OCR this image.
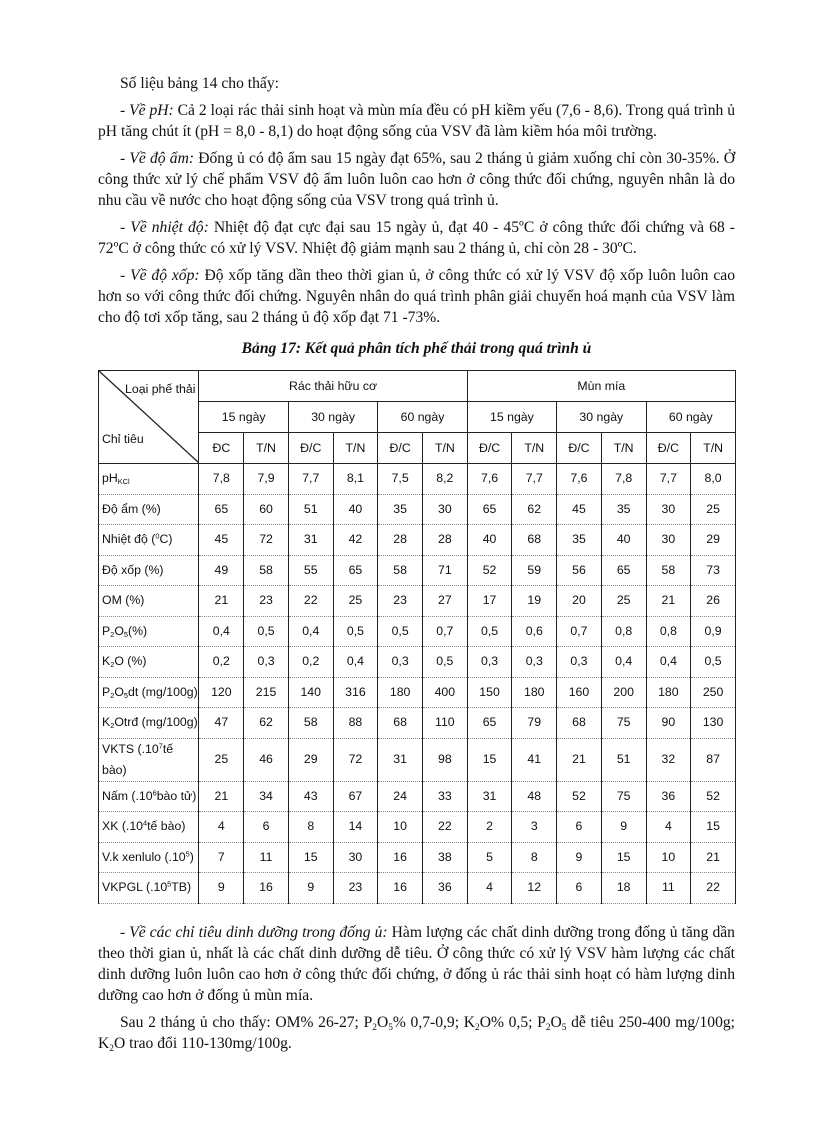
Số liệu bảng 14 cho thấy:

- Về pH: Cả 2 loại rác thải sinh hoạt và mùn mía đều có pH kiềm yếu (7,6 - 8,6). Trong quá trình ủ pH tăng chút ít (pH = 8,0 - 8,1) do hoạt động sống của VSV đã làm kiềm hóa môi trường.

- Về độ ẩm: Đống ủ có độ ẩm sau 15 ngày đạt 65%, sau 2 tháng ủ giảm xuống chỉ còn 30-35%. Ở công thức xử lý chế phẩm VSV độ ẩm luôn luôn cao hơn ở công thức đối chứng, nguyên nhân là do nhu cầu về nước cho hoạt động sống của VSV trong quá trình ủ.

- Về nhiệt độ: Nhiệt độ đạt cực đại sau 15 ngày ủ, đạt 40 - 45ºC ở công thức đối chứng và 68 - 72ºC ở công thức có xử lý VSV. Nhiệt độ giảm mạnh sau 2 tháng ủ, chỉ còn 28 - 30ºC.

- Về độ xốp: Độ xốp tăng dần theo thời gian ủ, ở công thức có xử lý VSV độ xốp luôn luôn cao hơn so với công thức đối chứng. Nguyên nhân do quá trình phân giải chuyển hoá mạnh của VSV làm cho độ tơi xốp tăng, sau 2 tháng ủ độ xốp đạt 71 -73%.

Bảng 17: Kết quả phân tích phế thải trong quá trình ủ

Loại phế thải
Chỉ tiêu	Rác thải hữu cơ						Mùn mía					
	15 ngày		30 ngày		60 ngày		15 ngày		30 ngày		60 ngày	
	ĐC	T/N	Đ/C	T/N	Đ/C	T/N	Đ/C	T/N	Đ/C	T/N	Đ/C	T/N
$pH_{KCl}$	7,8	7,9	7,7	8,1	7,5	8,2	7,6	7,7	7,6	7,8	7,7	8,0
Độ ẩm (%)	65	60	51	40	35	30	65	62	45	35	30	25
Nhiệt độ ($^0$C)	45	72	31	42	28	28	40	68	35	40	30	29
Độ xốp (%)	49	58	55	65	58	71	52	59	56	65	58	73
OM (%)	21	23	22	25	23	27	17	19	20	25	21	26
$P_2O_5(\%)$	0,4	0,5	0,4	0,5	0,5	0,7	0,5	0,6	0,7	0,8	0,8	0,9
$K_2O$ (%)	0,2	0,3	0,2	0,4	0,3	0,5	0,3	0,3	0,3	0,4	0,4	0,5
$P_2O_5dt$ (mg/100g)	120	215	140	316	180	400	150	180	160	200	180	250
$K_2Otrđ$ (mg/100g)	47	62	58	88	68	110	65	79	68	75	90	130
VKTS ($.10^7tế$ bào)	25	46	29	72	31	98	15	41	21	51	32	87
Nấm ($.10^6bào$ tử)	21	34	43	67	24	33	31	48	52	75	36	52
XK ($.10^4tế$ bào)	4	6	8	14	10	22	2	3	6	9	4	15
V.k xenlulo $(.10^5)$	7	11	15	30	16	38	5	8	9	15	10	21
VKPGL $(.10^5TB)$	9	16	9	23	16	36	4	12	6	18	11	22

- Về các chỉ tiêu dinh dưỡng trong đống ủ: Hàm lượng các chất dinh dưỡng trong đống ủ tăng dần theo thời gian ủ, nhất là các chất dinh dưỡng dễ tiêu. Ở công thức có xử lý VSV hàm lượng các chất dinh dưỡng luôn luôn cao hơn ở công thức đối chứng, ở đống ủ rác thải sinh hoạt có hàm lượng dinh dưỡng cao hơn ở đống ủ mùn mía.

Sau 2 tháng ủ cho thấy: OM% 26-27; $P_2O_5\%$ 0,7-0,9; $K_2O\%$ 0,5; $P_2O_5$ dễ tiêu 250-400 mg/100g; $K_2O$ trao đổi 110-130mg/100g.
